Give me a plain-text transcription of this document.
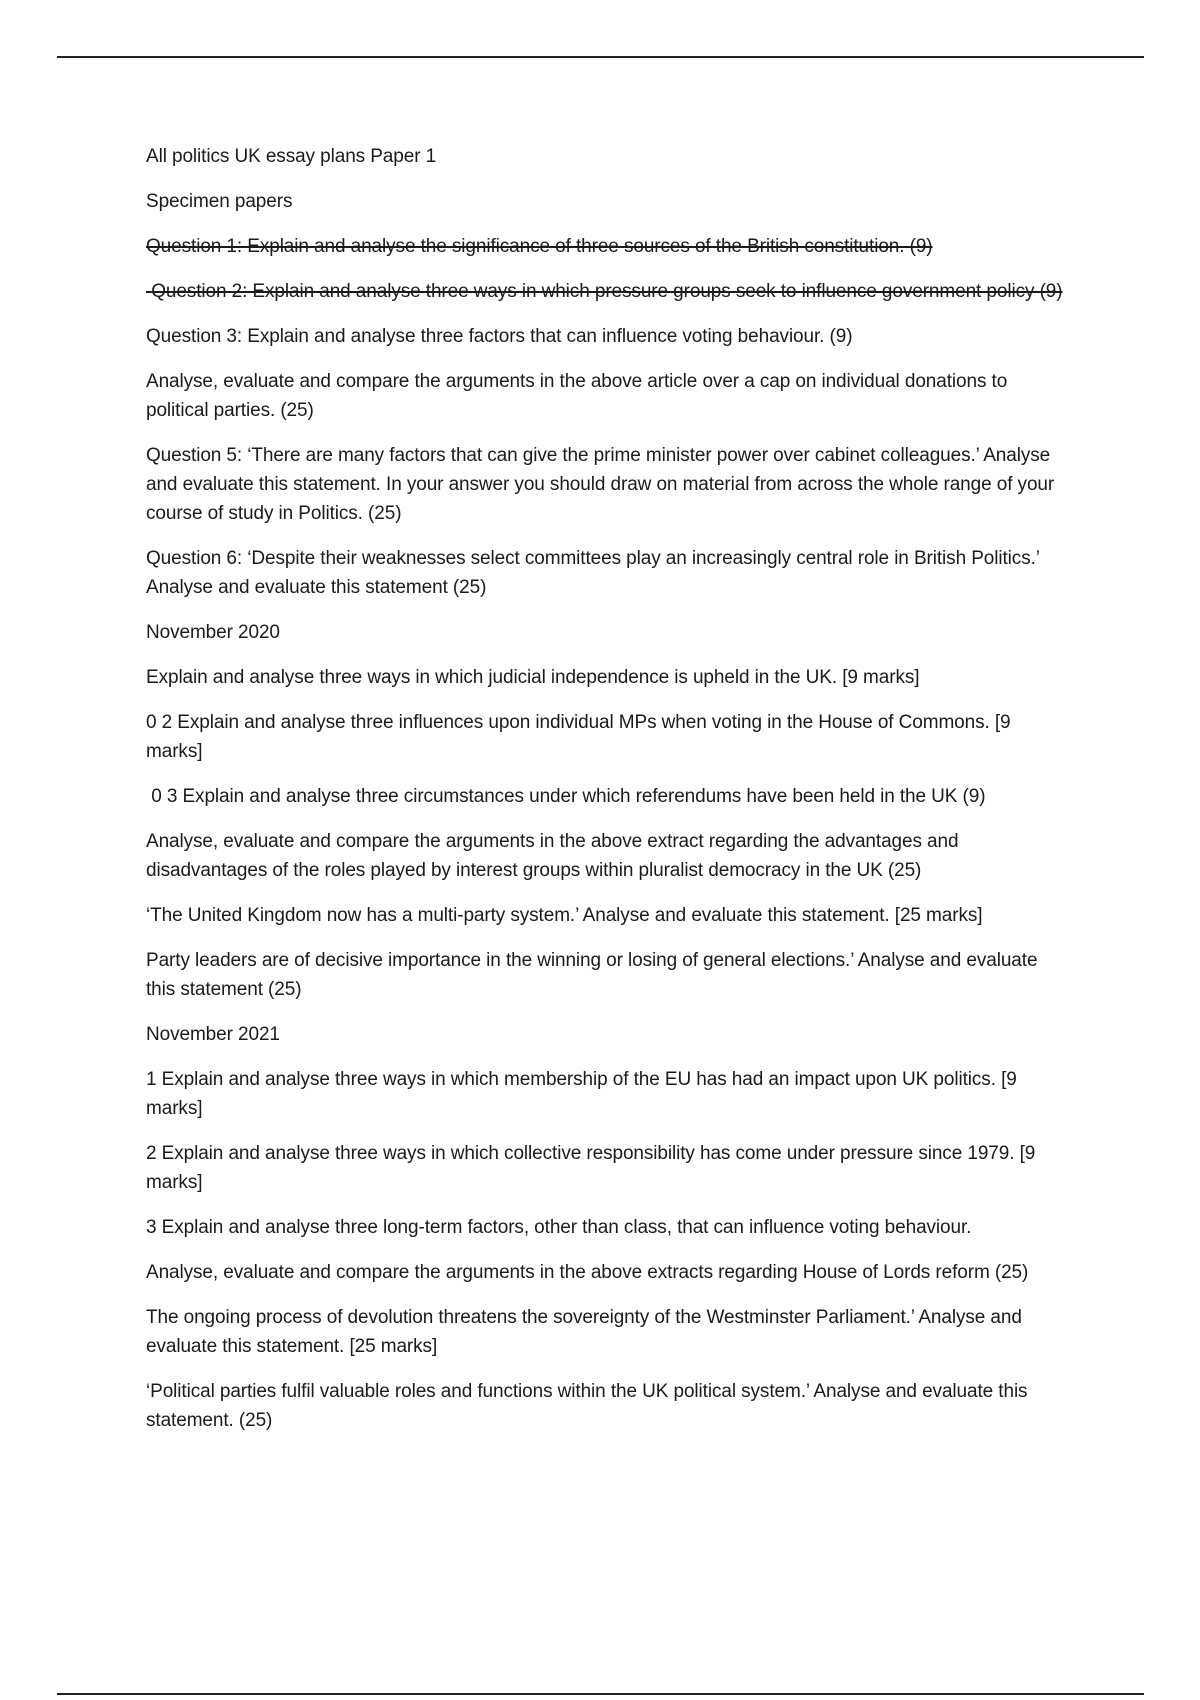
All politics UK essay plans Paper 1

Specimen papers

Question 1: Explain and analyse the significance of three sources of the British constitution. (9)

Question 2: Explain and analyse three ways in which pressure groups seek to influence government policy (9)

Question 3: Explain and analyse three factors that can influence voting behaviour. (9)

Analyse, evaluate and compare the arguments in the above article over a cap on individual donations to political parties. (25)

Question 5: ‘There are many factors that can give the prime minister power over cabinet colleagues.’ Analyse and evaluate this statement. In your answer you should draw on material from across the whole range of your course of study in Politics. (25)

Question 6: ‘Despite their weaknesses select committees play an increasingly central role in British Politics.’ Analyse and evaluate this statement (25)

November 2020

Explain and analyse three ways in which judicial independence is upheld in the UK. [9 marks]

0 2 Explain and analyse three influences upon individual MPs when voting in the House of Commons. [9 marks]

0 3 Explain and analyse three circumstances under which referendums have been held in the UK (9)

Analyse, evaluate and compare the arguments in the above extract regarding the advantages and disadvantages of the roles played by interest groups within pluralist democracy in the UK (25)

‘The United Kingdom now has a multi-party system.’ Analyse and evaluate this statement. [25 marks]

Party leaders are of decisive importance in the winning or losing of general elections.’ Analyse and evaluate this statement (25)

November 2021

1 Explain and analyse three ways in which membership of the EU has had an impact upon UK politics. [9 marks]

2 Explain and analyse three ways in which collective responsibility has come under pressure since 1979. [9 marks]

3 Explain and analyse three long-term factors, other than class, that can influence voting behaviour.

Analyse, evaluate and compare the arguments in the above extracts regarding House of Lords reform (25)

The ongoing process of devolution threatens the sovereignty of the Westminster Parliament.’ Analyse and evaluate this statement. [25 marks]

‘Political parties fulfil valuable roles and functions within the UK political system.’ Analyse and evaluate this statement. (25)
